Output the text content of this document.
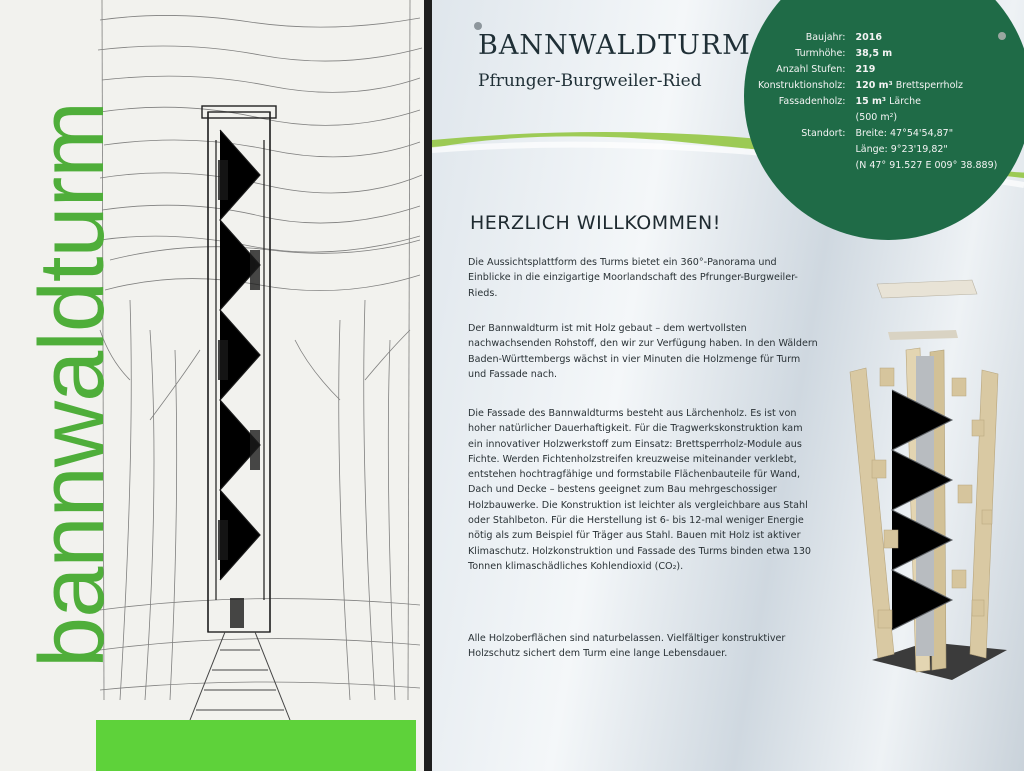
bannwaldturm
BANNWALDTURM
Pfrunger-Burgweiler-Ried
Baujahr:	2016
Turmhöhe:	38,5 m
Anzahl Stufen:	219
Konstruktionsholz:	120 m³ Brettsperrholz
Fassadenholz:	15 m³ Lärche
	(500 m²)
Standort:	Breite: 47°54'54,87"
	Länge: 9°23'19,82"
	(N 47° 91.527 E 009° 38.889)
HERZLICH WILLKOMMEN!

Die Aussichtsplattform des Turms bietet ein 360°-Panorama und Einblicke in die einzigartige Moorlandschaft des Pfrunger-Burgweiler-Rieds.

Der Bannwaldturm ist mit Holz gebaut – dem wertvollsten nachwachsenden Rohstoff, den wir zur Verfügung haben. In den Wäldern Baden-Württembergs wächst in vier Minuten die Holzmenge für Turm und Fassade nach.

Die Fassade des Bannwaldturms besteht aus Lärchenholz. Es ist von hoher natürlicher Dauerhaftigkeit. Für die Tragwerkskonstruktion kam ein innovativer Holzwerkstoff zum Einsatz: Brettsperrholz-Module aus Fichte. Werden Fichtenholzstreifen kreuzweise miteinander verklebt, entstehen hochtragfähige und formstabile Flächenbauteile für Wand, Dach und Decke – bestens geeignet zum Bau mehrgeschossiger Holzbauwerke. Die Konstruktion ist leichter als vergleichbare aus Stahl oder Stahlbeton. Für die Herstellung ist 6- bis 12-mal weniger Energie nötig als zum Beispiel für Träger aus Stahl. Bauen mit Holz ist aktiver Klimaschutz. Holzkonstruktion und Fassade des Turms binden etwa 130 Tonnen klimaschädliches Kohlendioxid (CO₂).

Alle Holzoberflächen sind naturbelassen. Vielfältiger konstruktiver Holzschutz sichert dem Turm eine lange Lebensdauer.
